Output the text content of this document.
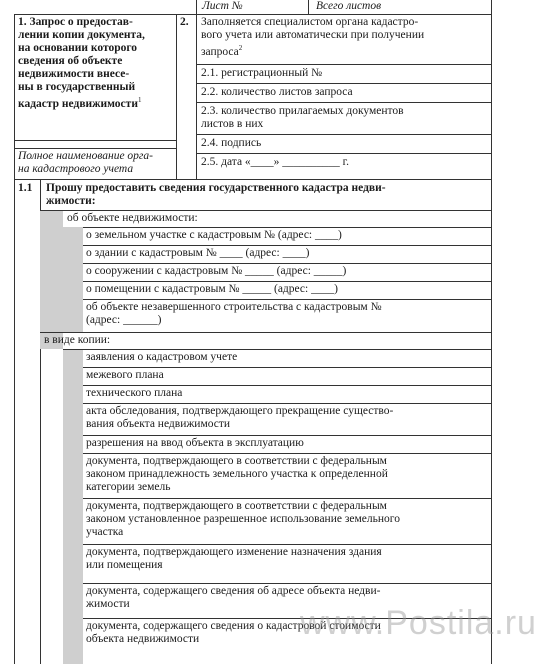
Лист №	Всего листов
1. Запрос о предостав-
лении копии документа,
на основании которого
сведения об объекте
недвижимости внесе-
ны в государственный
кадастр недвижимости$^1$
Полное наименование орга-
на кадастрового учета
2. Заполняется специалистом органа кадастро-
вого учета или автоматически при получении
запроса$^2$
2.1. регистрационный №
2.2. количество листов запроса
2.3. количество прилагаемых документов
листов в них
2.4. подпись
2.5. дата «____» __________ г.
1.1 Прошу предоставить сведения государственного кадастра недви-
жимости:
об объекте недвижимости:
о земельном участке с кадастровым № (адрес: ____)
о здании с кадастровым № ____ (адрес: ____)
о сооружении с кадастровым № _____ (адрес: _____)
о помещении с кадастровым № _____ (адрес: ____)
об объекте незавершенного строительства с кадастровым №
(адрес: ______)
в виде копии:
заявления о кадастровом учете
межевого плана
технического плана
акта обследования, подтверждающего прекращение существо-
вания объекта недвижимости
разрешения на ввод объекта в эксплуатацию
документа, подтверждающего в соответствии с федеральным
законом принадлежность земельного участка к определенной
категории земель
документа, подтверждающего в соответствии с федеральным
законом установленное разрешенное использование земельного
участка
документа, подтверждающего изменение назначения здания
или помещения
документа, содержащего сведения об адресе объекта недви-
жимости
документа, содержащего сведения о кадастровой стоимости
объекта недвижимости	www.Postila.ru
